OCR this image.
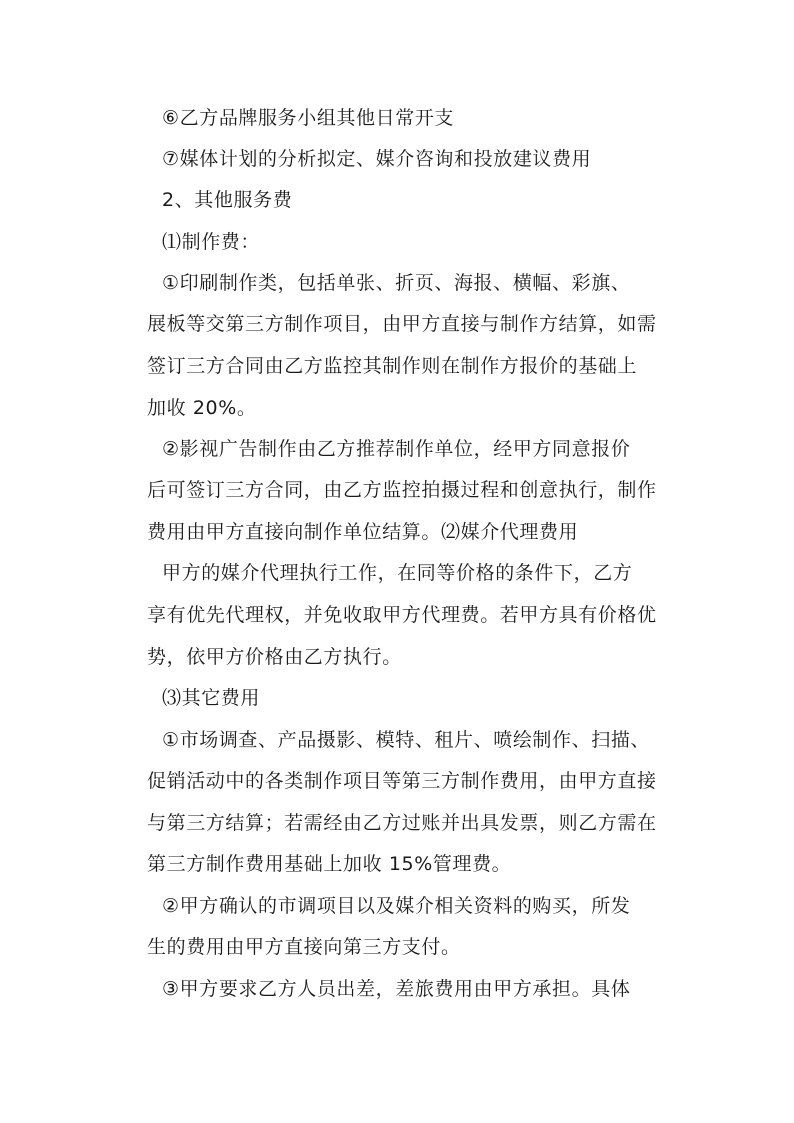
⑥乙方品牌服务小组其他日常开支
⑦媒体计划的分析拟定、媒介咨询和投放建议费用
2、其他服务费
⑴制作费：
①印刷制作类，包括单张、折页、海报、横幅、彩旗、
展板等交第三方制作项目，由甲方直接与制作方结算，如需
签订三方合同由乙方监控其制作则在制作方报价的基础上
加收 20%。
②影视广告制作由乙方推荐制作单位，经甲方同意报价
后可签订三方合同，由乙方监控拍摄过程和创意执行，制作
费用由甲方直接向制作单位结算。⑵媒介代理费用
甲方的媒介代理执行工作，在同等价格的条件下，乙方
享有优先代理权，并免收取甲方代理费。若甲方具有价格优
势，依甲方价格由乙方执行。
⑶其它费用
①市场调查、产品摄影、模特、租片、喷绘制作、扫描、
促销活动中的各类制作项目等第三方制作费用，由甲方直接
与第三方结算；若需经由乙方过账并出具发票，则乙方需在
第三方制作费用基础上加收 15%管理费。
②甲方确认的市调项目以及媒介相关资料的购买，所发
生的费用由甲方直接向第三方支付。
③甲方要求乙方人员出差，差旅费用由甲方承担。具体
